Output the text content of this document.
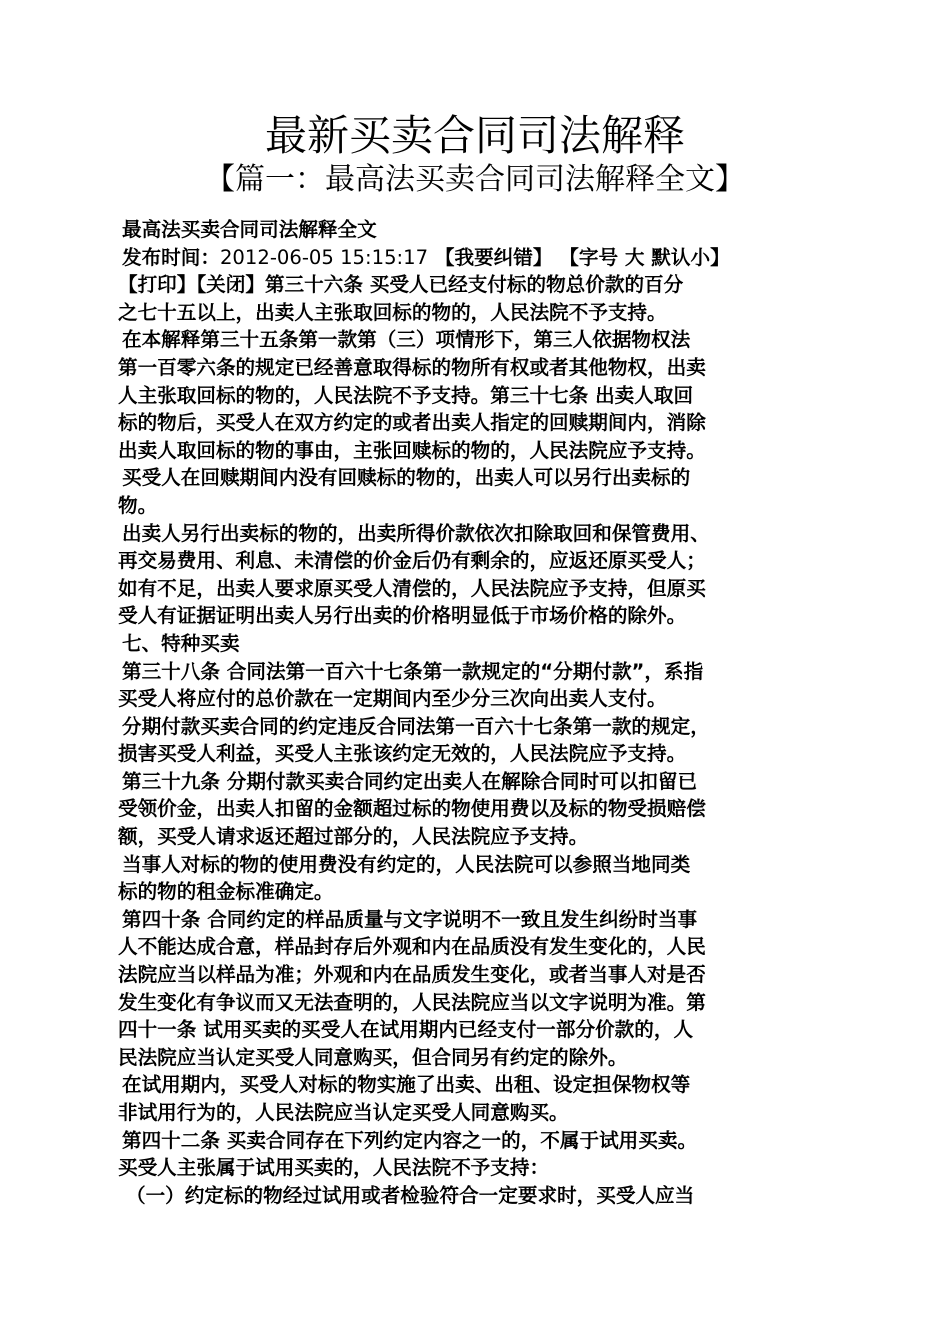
最新买卖合同司法解释
【篇一：最高法买卖合同司法解释全文】
最高法买卖合同司法解释全文
发布时间：2012-06-05 15:15:17 【我要纠错】 【字号 大 默认小】
【打印】【关闭】第三十六条 买受人已经支付标的物总价款的百分
之七十五以上，出卖人主张取回标的物的，人民法院不予支持。
在本解释第三十五条第一款第（三）项情形下，第三人依据物权法
第一百零六条的规定已经善意取得标的物所有权或者其他物权，出卖
人主张取回标的物的，人民法院不予支持。第三十七条 出卖人取回
标的物后，买受人在双方约定的或者出卖人指定的回赎期间内，消除
出卖人取回标的物的事由，主张回赎标的物的，人民法院应予支持。
买受人在回赎期间内没有回赎标的物的，出卖人可以另行出卖标的
物。
出卖人另行出卖标的物的，出卖所得价款依次扣除取回和保管费用、
再交易费用、利息、未清偿的价金后仍有剩余的，应返还原买受人；
如有不足，出卖人要求原买受人清偿的，人民法院应予支持，但原买
受人有证据证明出卖人另行出卖的价格明显低于市场价格的除外。
七、特种买卖
第三十八条 合同法第一百六十七条第一款规定的“分期付款”，系指
买受人将应付的总价款在一定期间内至少分三次向出卖人支付。
分期付款买卖合同的约定违反合同法第一百六十七条第一款的规定，
损害买受人利益，买受人主张该约定无效的，人民法院应予支持。
第三十九条 分期付款买卖合同约定出卖人在解除合同时可以扣留已
受领价金，出卖人扣留的金额超过标的物使用费以及标的物受损赔偿
额，买受人请求返还超过部分的，人民法院应予支持。
当事人对标的物的使用费没有约定的，人民法院可以参照当地同类
标的物的租金标准确定。
第四十条 合同约定的样品质量与文字说明不一致且发生纠纷时当事
人不能达成合意，样品封存后外观和内在品质没有发生变化的，人民
法院应当以样品为准；外观和内在品质发生变化，或者当事人对是否
发生变化有争议而又无法查明的，人民法院应当以文字说明为准。第
四十一条 试用买卖的买受人在试用期内已经支付一部分价款的，人
民法院应当认定买受人同意购买，但合同另有约定的除外。
在试用期内，买受人对标的物实施了出卖、出租、设定担保物权等
非试用行为的，人民法院应当认定买受人同意购买。
第四十二条 买卖合同存在下列约定内容之一的，不属于试用买卖。
买受人主张属于试用买卖的，人民法院不予支持：
（一）约定标的物经过试用或者检验符合一定要求时，买受人应当
